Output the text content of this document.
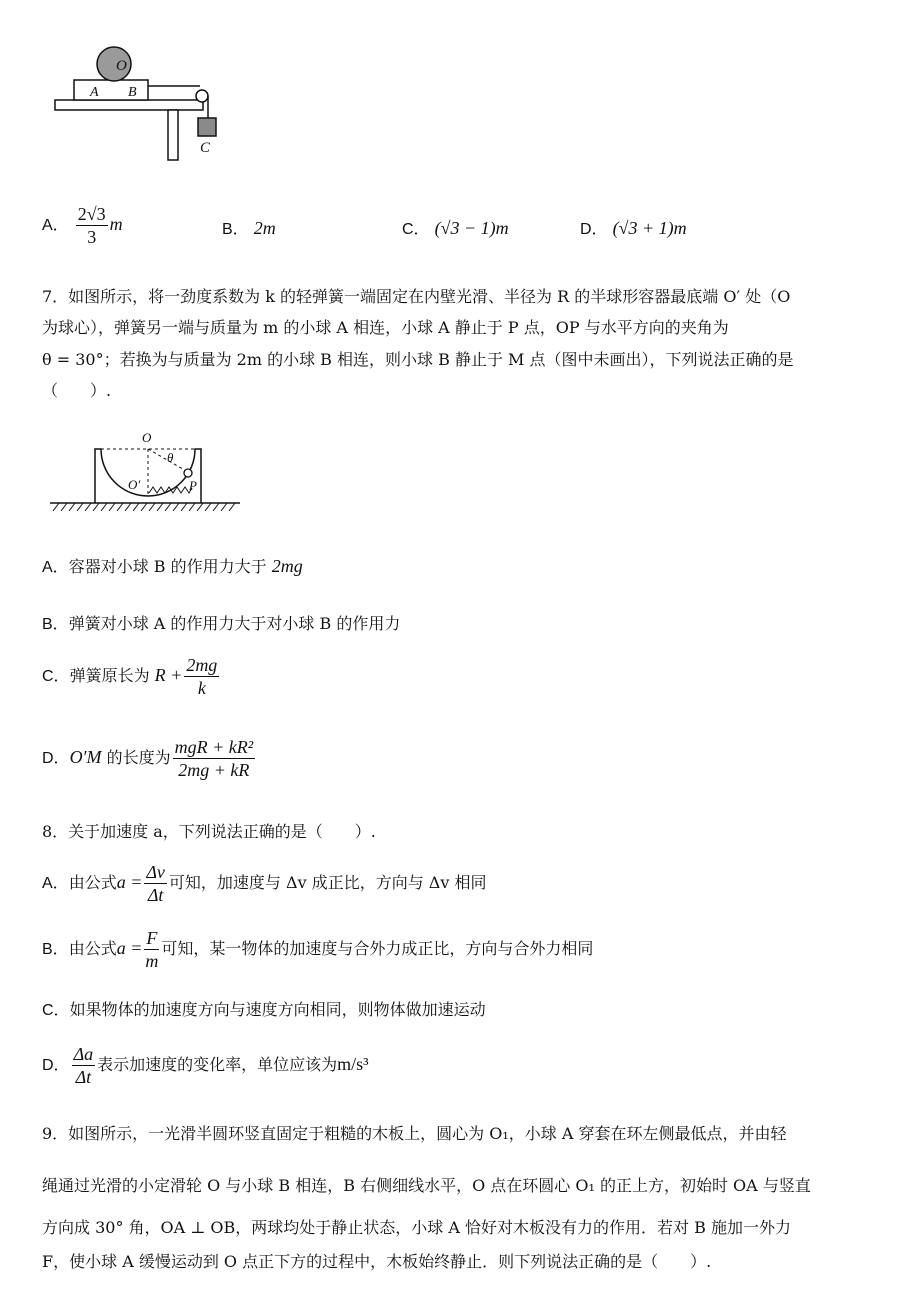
O
A B
C
A． $\frac{2√3}{3}$ m	B． 2m	C． (√3 − 1)m	D． (√3 + 1)m
7．如图所示，将一劲度系数为 k 的轻弹簧一端固定在内壁光滑、半径为 R 的半球形容器最底端 O′ 处（O
为球心），弹簧另一端与质量为 m 的小球 A 相连，小球 A 静止于 P 点，OP 与水平方向的夹角为
θ = 30°；若换为与质量为 2m 的小球 B 相连，则小球 B 静止于 M 点（图中未画出），下列说法正确的是
（　　）.
O
O′
θ
P
A．容器对小球 B 的作用力大于 2mg
B．弹簧对小球 A 的作用力大于对小球 B 的作用力
C．弹簧原长为 $R + \frac{2mg}{k}$
D．O′M 的长度为 $\frac{\text{mgR + kR²}}{2mg + kR}$
8．关于加速度 a，下列说法正确的是（　　）.
A．由公式$a = \frac{\Delta v}{\Delta t}$ 可知，加速度与 Δv 成正比，方向与 Δv 相同
B．由公式$a = \frac{F}{m}$ 可知，某一物体的加速度与合外力成正比，方向与合外力相同
C．如果物体的加速度方向与速度方向相同，则物体做加速运动
D． $\frac{\Delta a}{\Delta t}$ 表示加速度的变化率，单位应该为m/s³
9．如图所示，一光滑半圆环竖直固定于粗糙的木板上，圆心为 O₁，小球 A 穿套在环左侧最低点，并由轻
绳通过光滑的小定滑轮 O 与小球 B 相连，B 右侧细线水平，O 点在环圆心 O₁ 的正上方，初始时 OA 与竖直
方向成 30° 角，OA ⊥ OB，两球均处于静止状态，小球 A 恰好对木板没有力的作用．若对 B 施加一外力
F，使小球 A 缓慢运动到 O 点正下方的过程中，木板始终静止．则下列说法正确的是（　　）.
